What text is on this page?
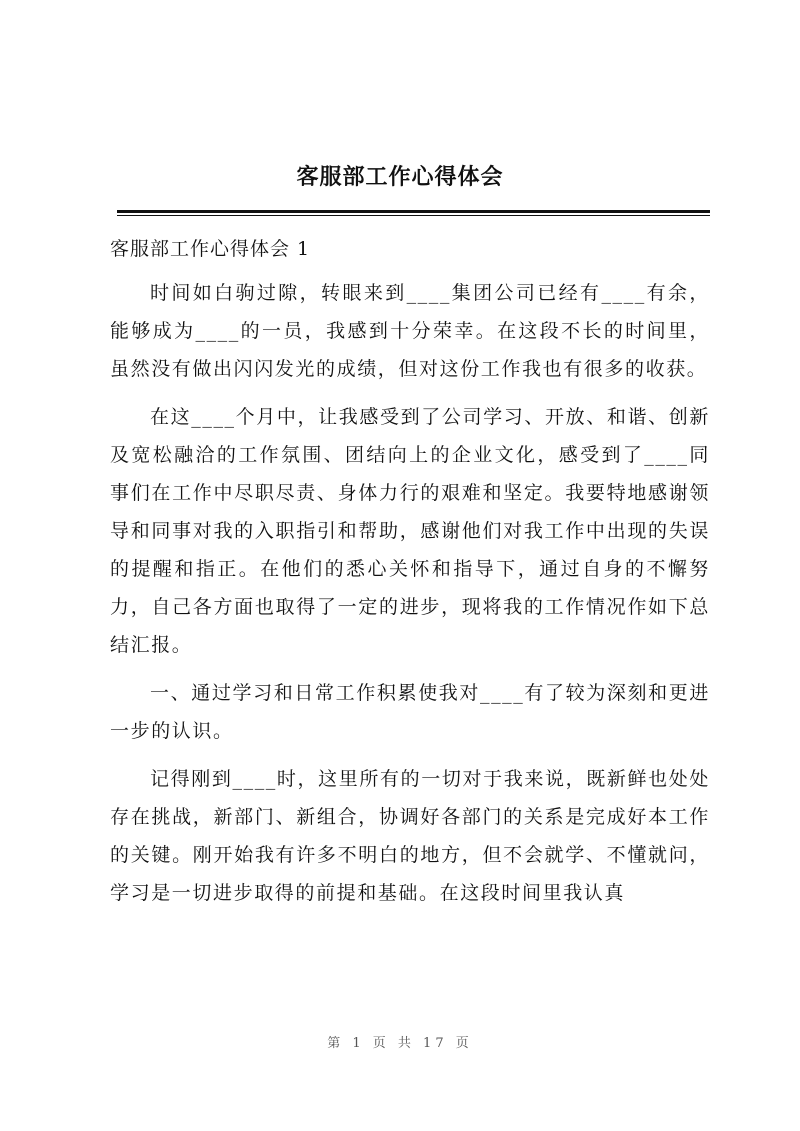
客服部工作心得体会

客服部工作心得体会 1

时间如白驹过隙，转眼来到____集团公司已经有____有余，能够成为____的一员，我感到十分荣幸。在这段不长的时间里，虽然没有做出闪闪发光的成绩，但对这份工作我也有很多的收获。

在这____个月中，让我感受到了公司学习、开放、和谐、创新及宽松融洽的工作氛围、团结向上的企业文化，感受到了____同事们在工作中尽职尽责、身体力行的艰难和坚定。我要特地感谢领导和同事对我的入职指引和帮助，感谢他们对我工作中出现的失误的提醒和指正。在他们的悉心关怀和指导下，通过自身的不懈努力，自己各方面也取得了一定的进步，现将我的工作情况作如下总结汇报。

一、通过学习和日常工作积累使我对____有了较为深刻和更进一步的认识。

记得刚到____时，这里所有的一切对于我来说，既新鲜也处处存在挑战，新部门、新组合，协调好各部门的关系是完成好本工作的关键。刚开始我有许多不明白的地方，但不会就学、不懂就问，学习是一切进步取得的前提和基础。在这段时间里我认真

第 1 页 共 17 页
